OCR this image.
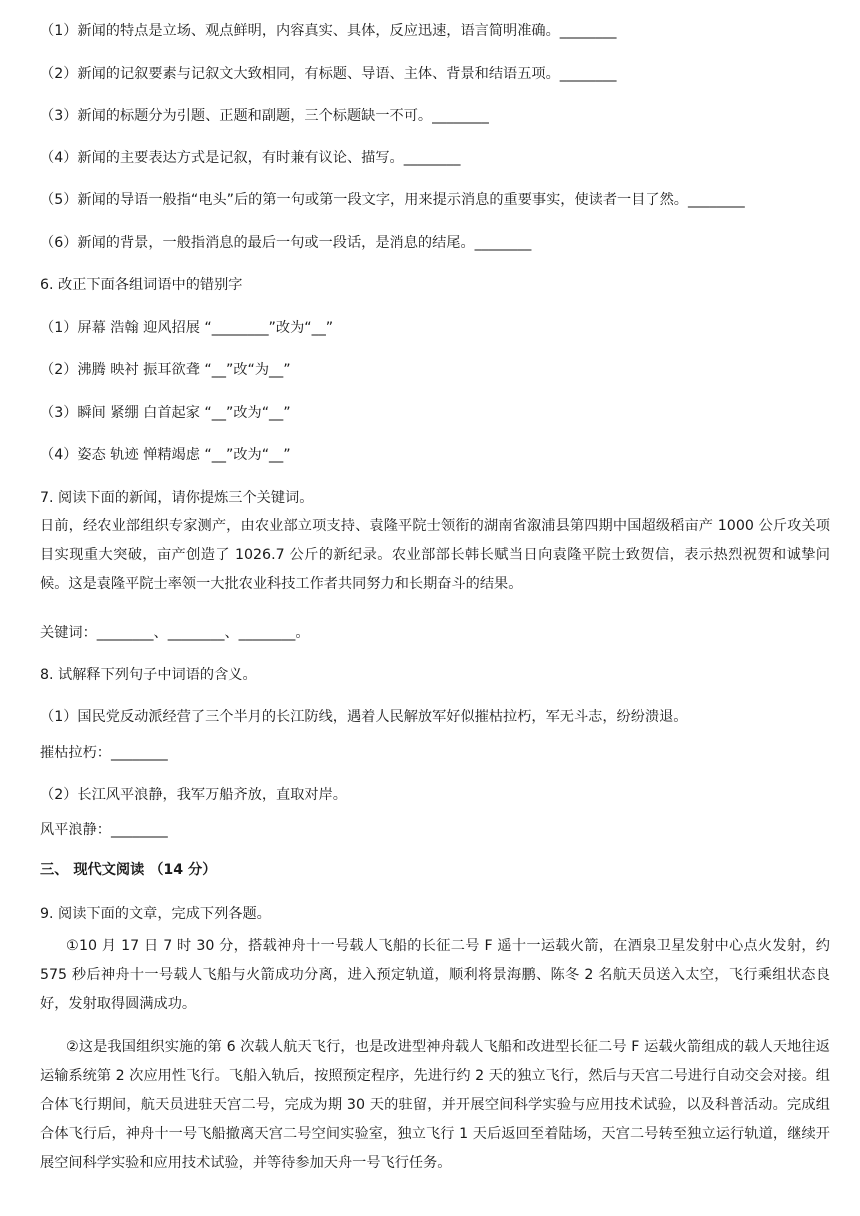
（1）新闻的特点是立场、观点鲜明，内容真实、具体，反应迅速，语言简明准确。________
（2）新闻的记叙要素与记叙文大致相同，有标题、导语、主体、背景和结语五项。________
（3）新闻的标题分为引题、正题和副题，三个标题缺一不可。________
（4）新闻的主要表达方式是记叙，有时兼有议论、描写。________
（5）新闻的导语一般指“电头”后的第一句或第一段文字，用来提示消息的重要事实，使读者一目了然。________
（6）新闻的背景，一般指消息的最后一句或一段话，是消息的结尾。________
6. 改正下面各组词语中的错别字
（1）屏幕 浩翰 迎风招展 “________”改为“__”
（2）沸腾 映衬 振耳欲聋 “__”改“为__”
（3）瞬间 紧绷 白首起家 “__”改为“__”
（4）姿态 轨迹 惮精竭虑 “__”改为“__”
7. 阅读下面的新闻，请你提炼三个关键词。
日前，经农业部组织专家测产，由农业部立项支持、袁隆平院士领衔的湖南省溆浦县第四期中国超级稻亩产 1000 公斤攻关项目实现重大突破，亩产创造了 1026.7 公斤的新纪录。农业部部长韩长赋当日向袁隆平院士致贺信，表示热烈祝贺和诚挚问候。这是袁隆平院士率领一大批农业科技工作者共同努力和长期奋斗的结果。
关键词：________、________、________。
8. 试解释下列句子中词语的含义。
（1）国民党反动派经营了三个半月的长江防线，遇着人民解放军好似摧枯拉朽，军无斗志，纷纷溃退。
摧枯拉朽：________
（2）长江风平浪静，我军万船齐放，直取对岸。
风平浪静：________
三、 现代文阅读 （14 分）
9. 阅读下面的文章，完成下列各题。
①10 月 17 日 7 时 30 分，搭载神舟十一号载人飞船的长征二号 F 遥十一运载火箭，在酒泉卫星发射中心点火发射，约 575 秒后神舟十一号载人飞船与火箭成功分离，进入预定轨道，顺利将景海鹏、陈冬 2 名航天员送入太空，飞行乘组状态良好，发射取得圆满成功。
②这是我国组织实施的第 6 次载人航天飞行，也是改进型神舟载人飞船和改进型长征二号 F 运载火箭组成的载人天地往返运输系统第 2 次应用性飞行。飞船入轨后，按照预定程序，先进行约 2 天的独立飞行，然后与天宫二号进行自动交会对接。组合体飞行期间，航天员进驻天宫二号，完成为期 30 天的驻留，并开展空间科学实验与应用技术试验，以及科普活动。完成组合体飞行后，神舟十一号飞船撤离天宫二号空间实验室，独立飞行 1 天后返回至着陆场，天宫二号转至独立运行轨道，继续开展空间科学实验和应用技术试验，并等待参加天舟一号飞行任务。
